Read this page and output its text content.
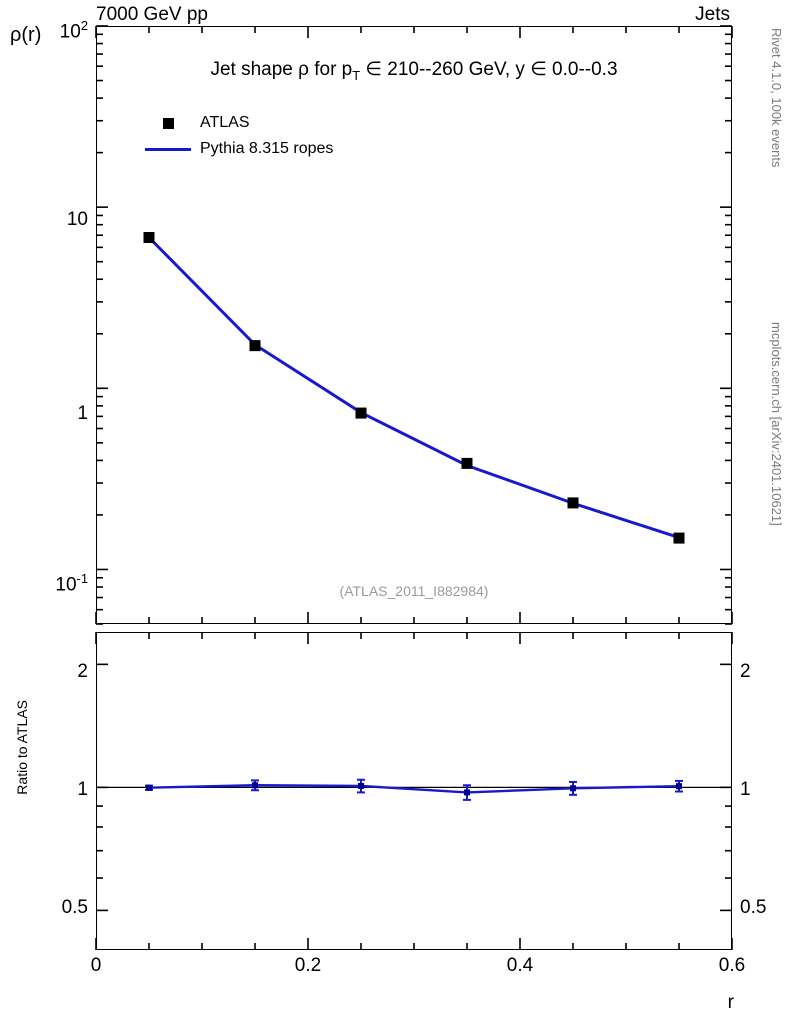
7000 GeV pp	Jets
Rivet 4.1.0, 100k events
mcplots.cern.ch [arXiv:2401.10621]
ρ(r)
Jet shape ρ for $p_T$ ∈ 210--260 GeV, y ∈ 0.0--0.3
ATLAS
Pythia 8.315 ropes
(ATLAS_2011_I882984)
$10^2$
10
1
$10^{-1}$
Ratio to ATLAS
2
1
0.5
2
1
0.5
0	0.2	0.4	0.6
r
